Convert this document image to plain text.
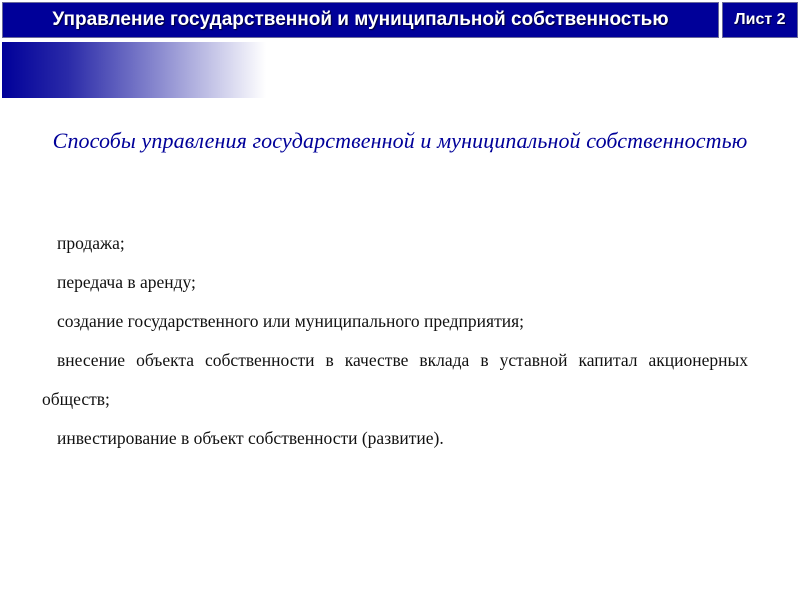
Управление государственной и муниципальной собственностью	Лист 2
Способы управления государственной и муниципальной собственностью
продажа;
передача в аренду;
создание государственного или муниципального предприятия;
внесение объекта собственности в качестве вклада в уставной капитал акционерных обществ;
инвестирование в объект собственности (развитие).
